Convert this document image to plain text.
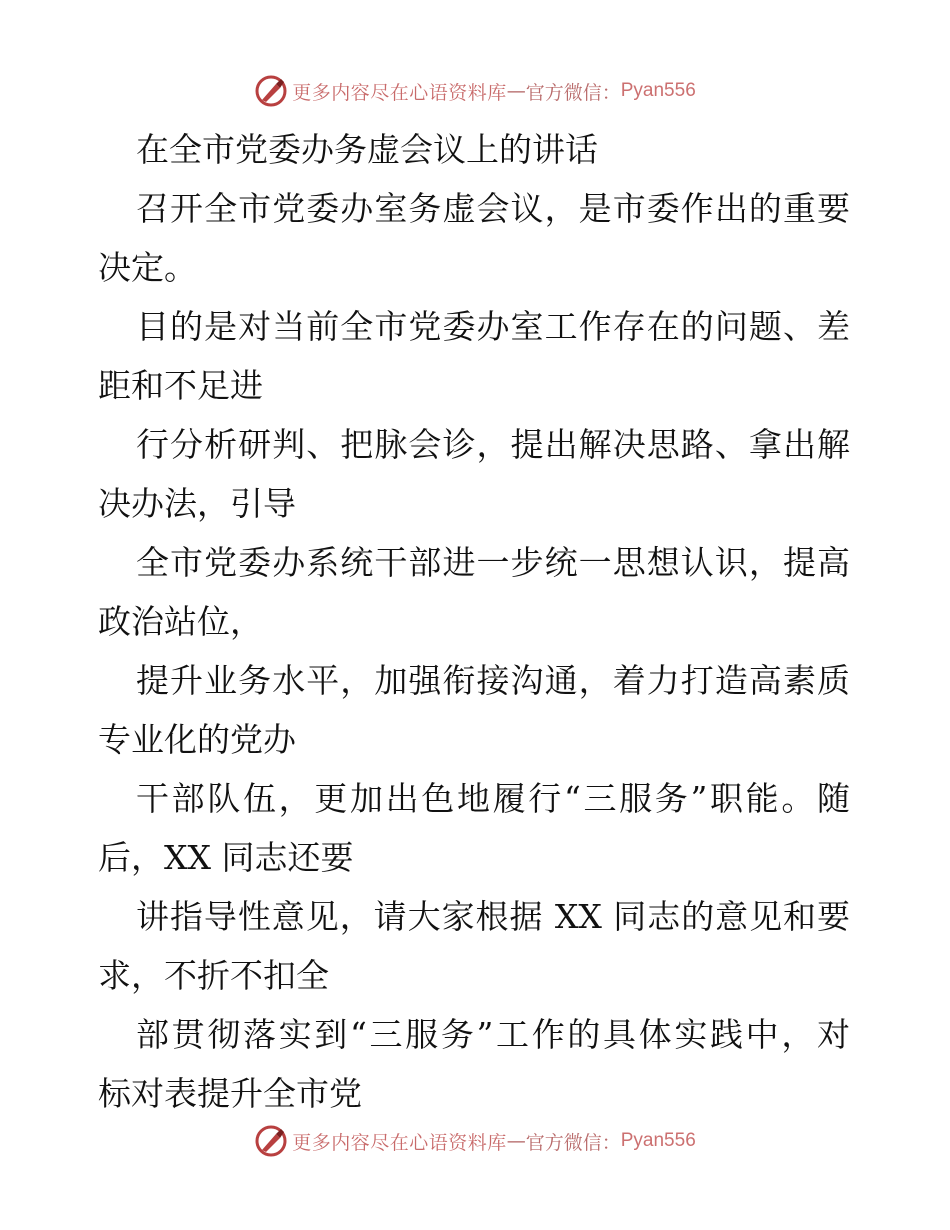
更多内容尽在心语资料库 — 官方微信： Pyan556
在全市党委办务虚会议上的讲话
召开全市党委办室务虚会议，是市委作出的重要
决定。
目的是对当前全市党委办室工作存在的问题、差
距和不足进
行分析研判、把脉会诊，提出解决思路、拿出解
决办法，引导
全市党委办系统干部进一步统一思想认识，提高
政治站位，
提升业务水平，加强衔接沟通，着力打造高素质
专业化的党办
干部队伍，更加出色地履行“三服务”职能。随
后，XX 同志还要
讲指导性意见，请大家根据 XX 同志的意见和要
求，不折不扣全
部贯彻落实到“三服务”工作的具体实践中，对
标对表提升全市党
更多内容尽在心语资料库 — 官方微信： Pyan556
